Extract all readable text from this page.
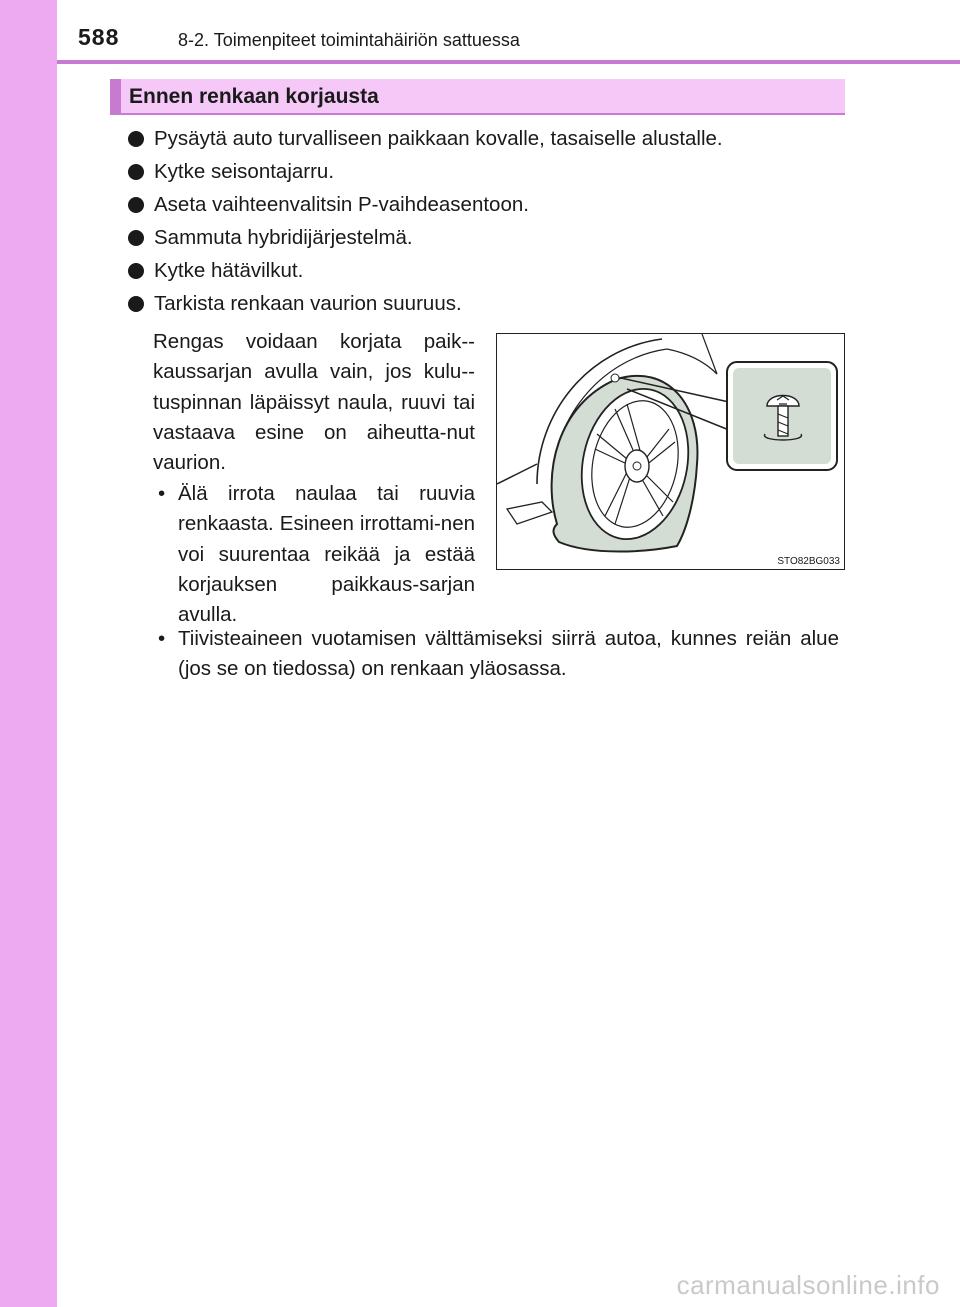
588	8-2. Toimenpiteet toimintahäiriön sattuessa
Ennen renkaan korjausta
Pysäytä auto turvalliseen paikkaan kovalle, tasaiselle alustalle.
Kytke seisontajarru.
Aseta vaihteenvalitsin P-vaihdeasentoon.
Sammuta hybridijärjestelmä.
Kytke hätävilkut.
Tarkista renkaan vaurion suuruus.
Rengas voidaan korjata paik-kaussarjan avulla vain, jos kulu-tuspinnan läpäissyt naula, ruuvi tai vastaava esine on aiheutta-nut vaurion.
• Älä irrota naulaa tai ruuvia renkaasta. Esineen irrottami-nen voi suurentaa reikää ja estää korjauksen paikkaus-sarjan avulla.
• Tiivisteaineen vuotamisen välttämiseksi siirrä autoa, kunnes reiän alue (jos se on tiedossa) on renkaan yläosassa.
STO82BG033
carmanualsonline.info
